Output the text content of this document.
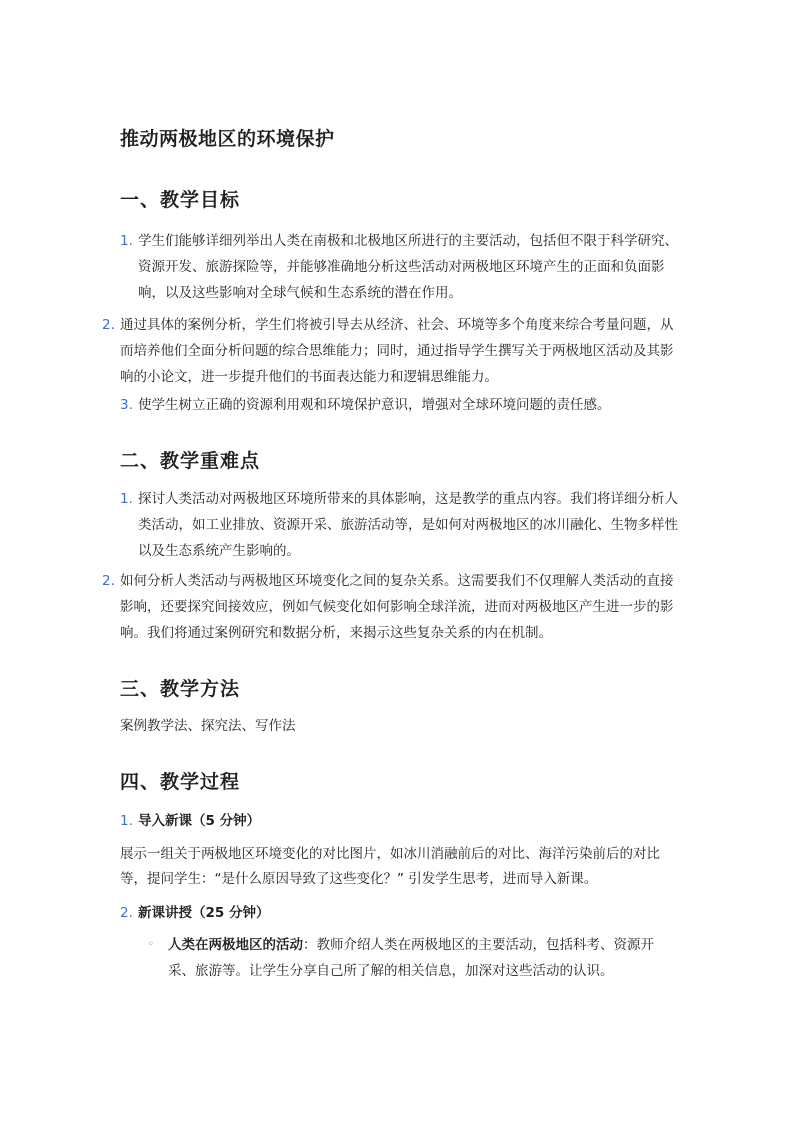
推动两极地区的环境保护
一、教学目标
1. 学生们能够详细列举出人类在南极和北极地区所进行的主要活动，包括但不限于科学研究、资源开发、旅游探险等，并能够准确地分析这些活动对两极地区环境产生的正面和负面影响，以及这些影响对全球气候和生态系统的潜在作用。
2. 通过具体的案例分析，学生们将被引导去从经济、社会、环境等多个角度来综合考量问题，从而培养他们全面分析问题的综合思维能力；同时，通过指导学生撰写关于两极地区活动及其影响的小论文，进一步提升他们的书面表达能力和逻辑思维能力。
3. 使学生树立正确的资源利用观和环境保护意识，增强对全球环境问题的责任感。
二、教学重难点
1. 探讨人类活动对两极地区环境所带来的具体影响，这是教学的重点内容。我们将详细分析人类活动，如工业排放、资源开采、旅游活动等，是如何对两极地区的冰川融化、生物多样性以及生态系统产生影响的。
2. 如何分析人类活动与两极地区环境变化之间的复杂关系。这需要我们不仅理解人类活动的直接影响，还要探究间接效应，例如气候变化如何影响全球洋流，进而对两极地区产生进一步的影响。我们将通过案例研究和数据分析，来揭示这些复杂关系的内在机制。
三、教学方法

案例教学法、探究法、写作法

四、教学过程
1. 导入新课（5 分钟）

展示一组关于两极地区环境变化的对比图片，如冰川消融前后的对比、海洋污染前后的对比等，提问学生：“是什么原因导致了这些变化？” 引发学生思考，进而导入新课。

2. 新课讲授（25 分钟）
◦ 人类在两极地区的活动：教师介绍人类在两极地区的主要活动，包括科考、资源开采、旅游等。让学生分享自己所了解的相关信息，加深对这些活动的认识。
